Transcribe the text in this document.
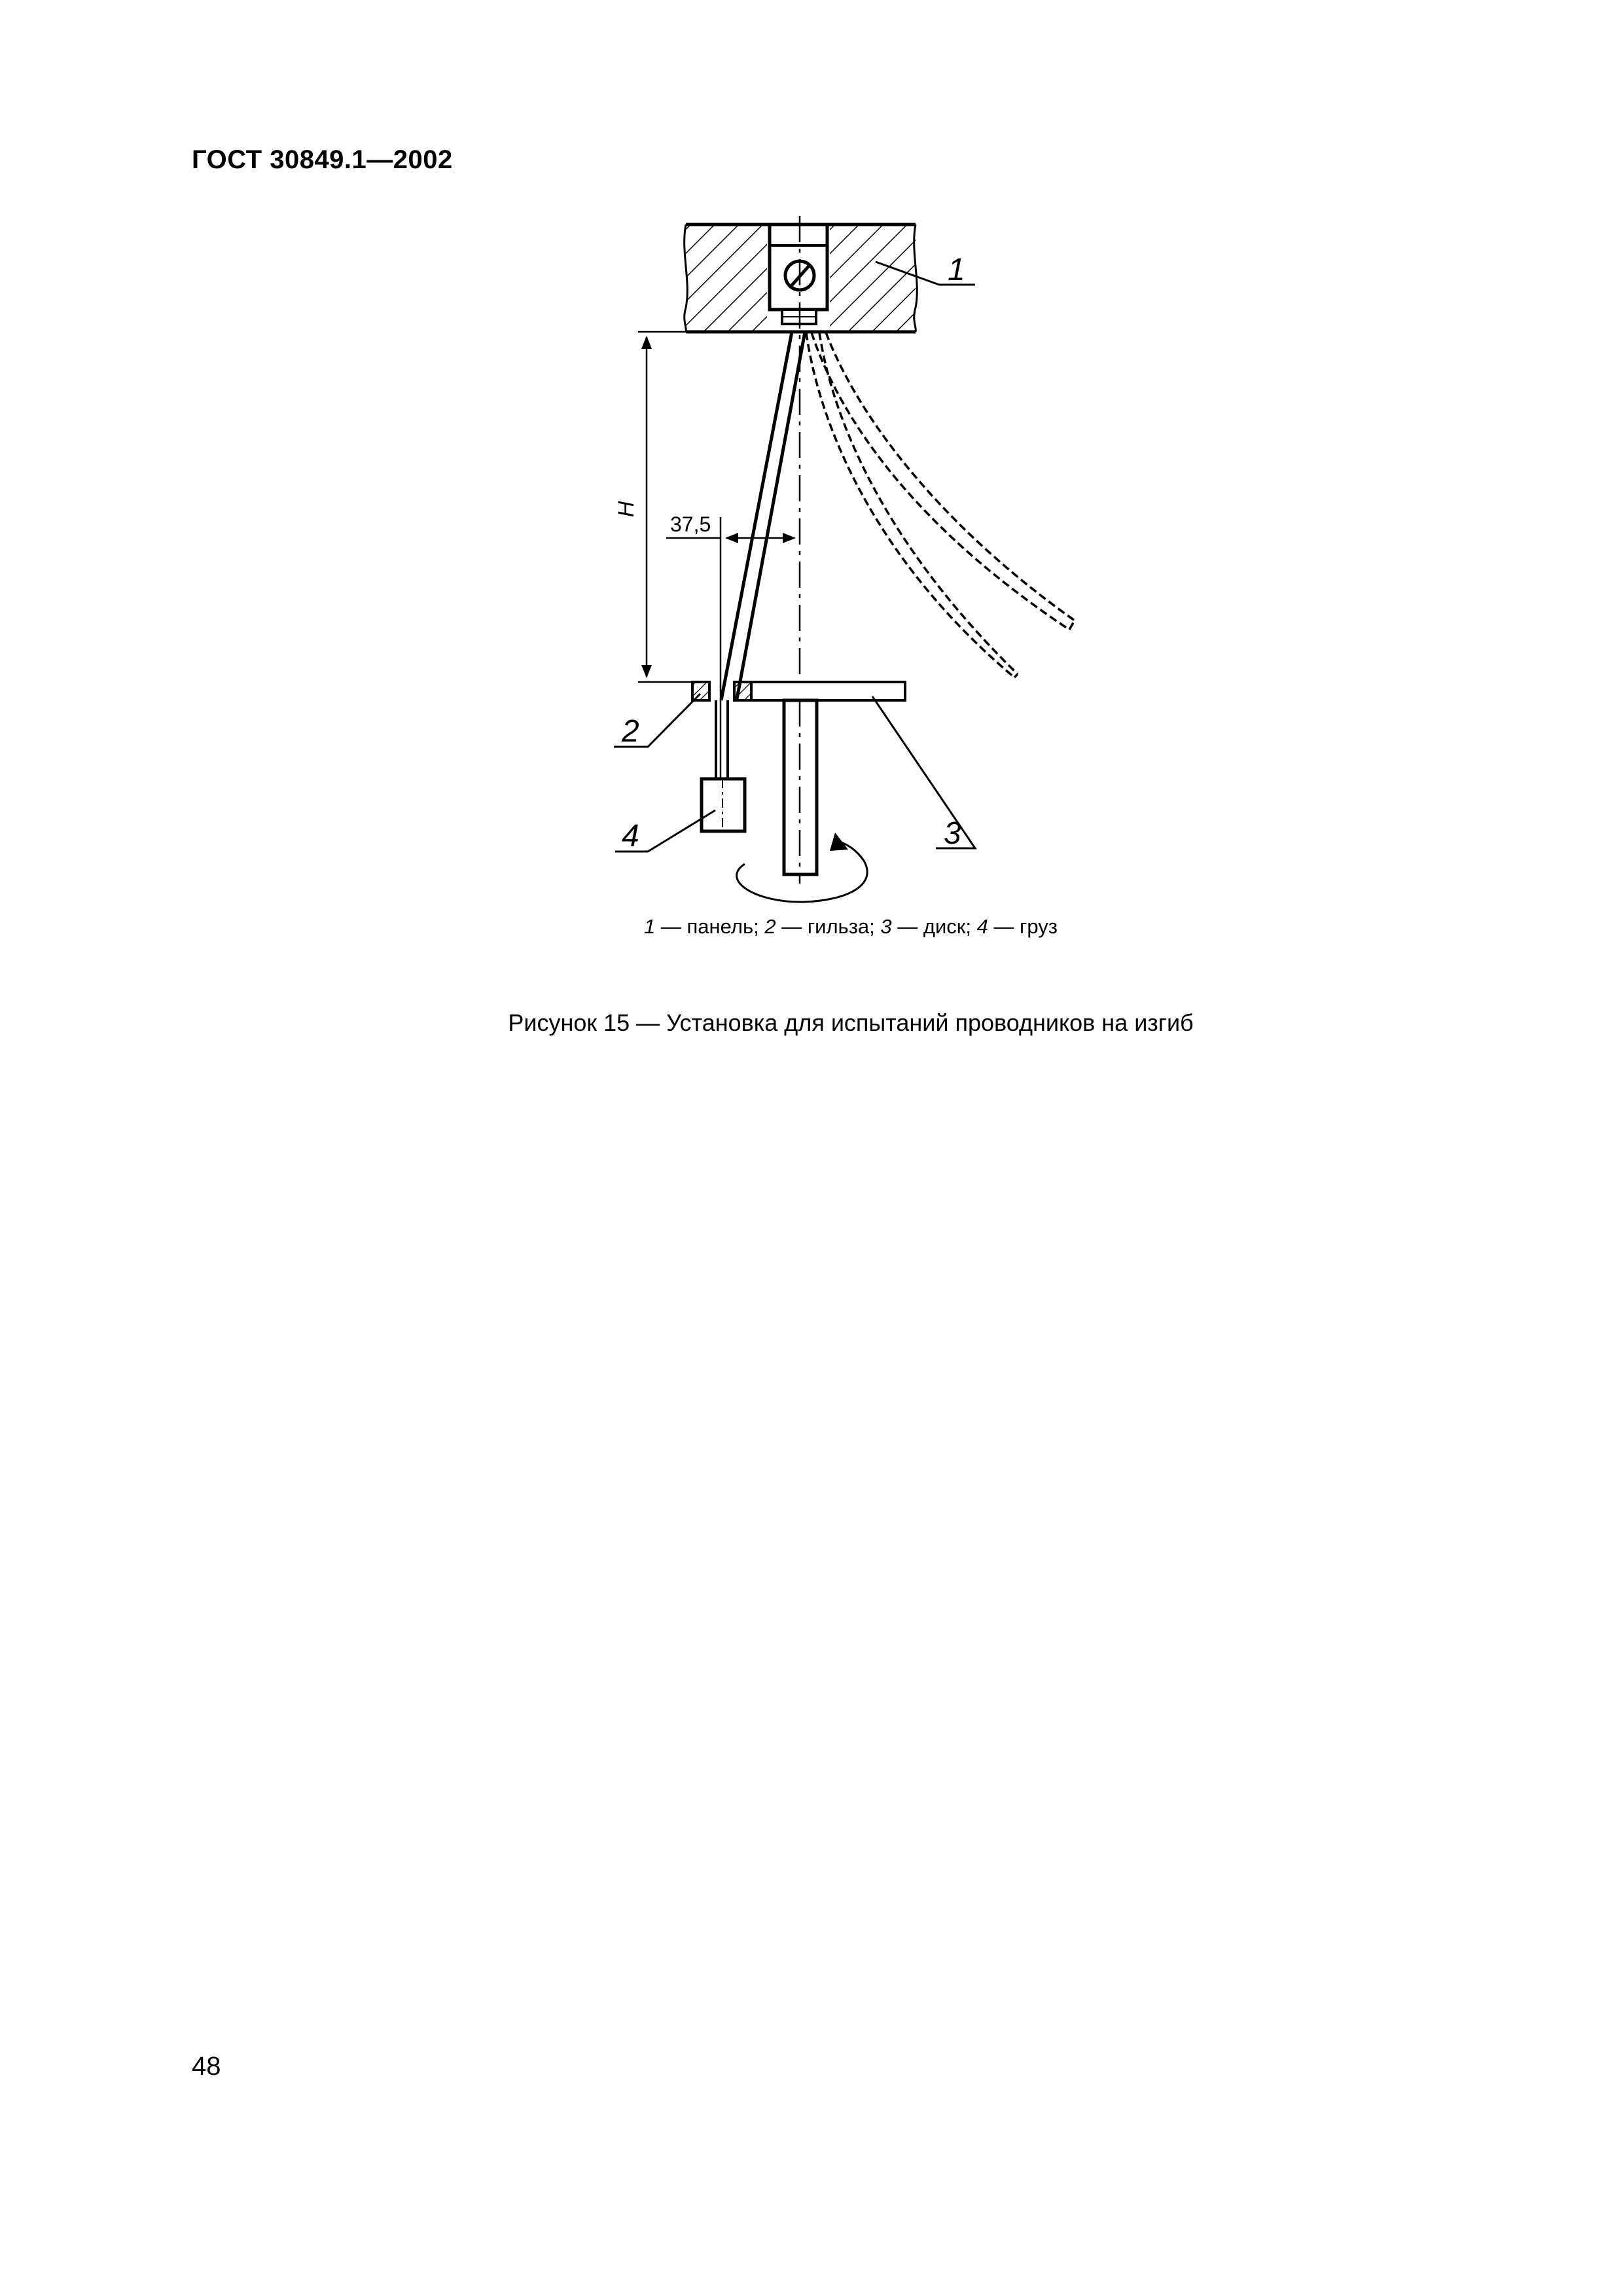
ГОСТ 30849.1—2002
H
37,5
1
2
3
4
1 — панель; 2 — гильза; 3 — диск; 4 — груз
Рисунок 15 — Установка для испытаний проводников на изгиб
48
